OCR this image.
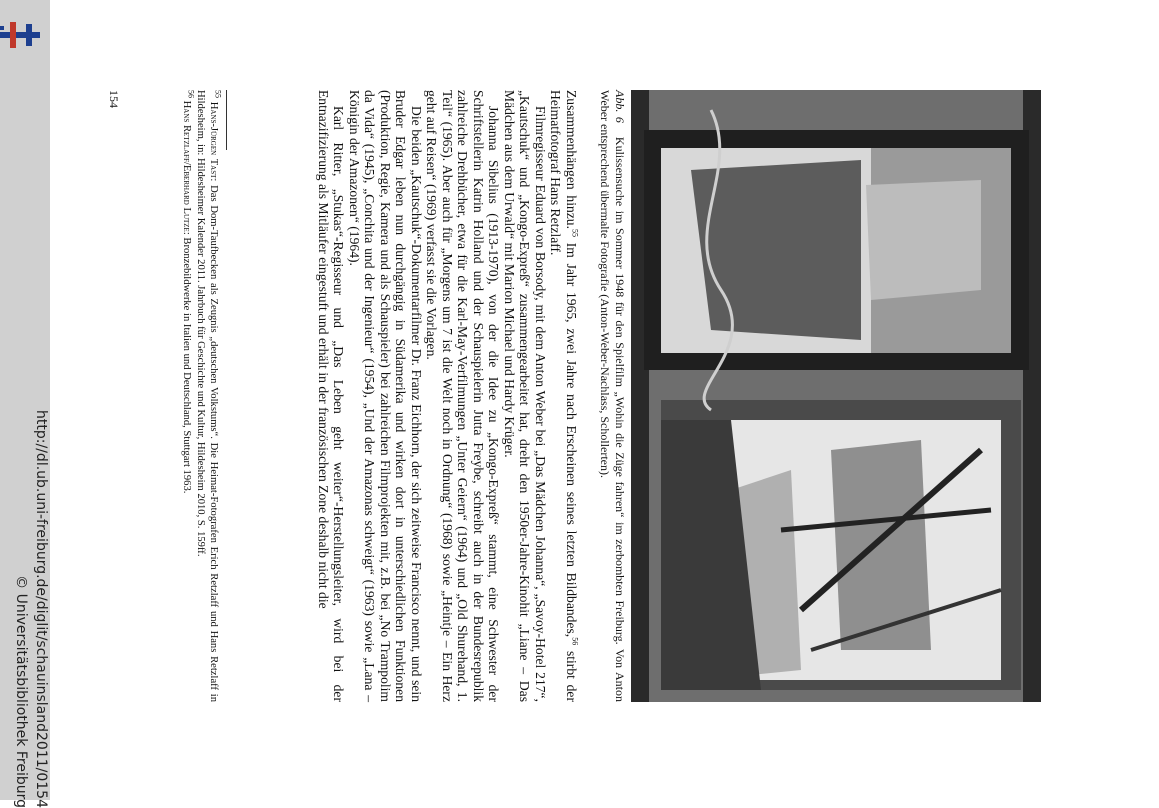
http://dl.ub.uni-freiburg.de/diglit/schauinsland2011/0154
© Universitätsbibliothek Freiburg
Abb. 6Kulissensuche im Sommer 1948 für den Spielfilm „Wohin die Züge fahren“ im zerbombten Freiburg. Von Anton Weber entsprechend übermalte Fotografie (Anton-Weber-Nachlass, Schollerten).

Zusammenhängen hinzu.$^{55}$ Im Jahr 1965, zwei Jahre nach Erscheinen seines letzten Bildbandes,$^{56}$ stirbt der Heimatfotograf Hans Retzlaff.

Filmregisseur Eduard von Borsody, mit dem Anton Weber bei „Das Mädchen Johanna“, „Savoy-Hotel 217“, „Kautschuk“ und „Kongo-Expreß“ zusammengearbeitet hat, dreht den 1950er-Jahre-Kinohit „Liane – Das Mädchen aus dem Urwald“ mit Marion Michael und Hardy Krüger.

Johanna Sibelius (1913-1970), von der die Idee zu „Kongo-Expreß“ stammt, eine Schwester der Schriftstellerin Katrin Holland und der Schauspielerin Jutta Freybe, schreibt auch in der Bundesrepublik zahlreiche Drehbücher, etwa für die Karl-May-Verfilmungen „Unter Geiern“ (1964) und „Old Shurehand, 1. Teil“ (1965). Aber auch für „Morgens um 7 ist die Welt noch in Ordnung“ (1968) sowie „Heintje – Ein Herz geht auf Reisen“ (1969) verfasst sie die Vorlagen.

Die beiden „Kautschuk“-Dokumentarfilmer Dr. Franz Eichhorn, der sich zeitweise Francisco nennt, und sein Bruder Edgar leben nun durchgängig in Südamerika und wirken dort in unterschiedlichen Funktionen (Produktion, Regie, Kamera und als Schauspieler) bei zahlreichen Filmprojekten mit, z.B. bei „No Trampolim da Vida“ (1945), „Conchita und der Ingenieur“ (1954), „Und der Amazonas schweigt“ (1963) sowie „Lana – Königin der Amazonen“ (1964).

Karl Ritter, „Stukas“-Regisseur und „Das Leben geht weiter“-Herstellungsleiter, wird bei der Entnazifizierung als Mitläufer eingestuft und erhält in der französischen Zone deshalb nicht die

$^{55}$ Hans-Jürgen Tast: Das Dom-Taufbecken als Zeugnis „deutschen Volkstums“. Die Heimat-Fotografen Erich Retzlaff und Hans Retzlaff in Hildesheim, in: Hildesheimer Kalender 2011. Jahrbuch für Geschichte und Kultur, Hildesheim 2010, S. 159ff.
$^{56}$ Hans Retzlaff/Eberhard Lutze: Bronzebildwerke in Italien und Deutschland, Stuttgart 1963.
154
